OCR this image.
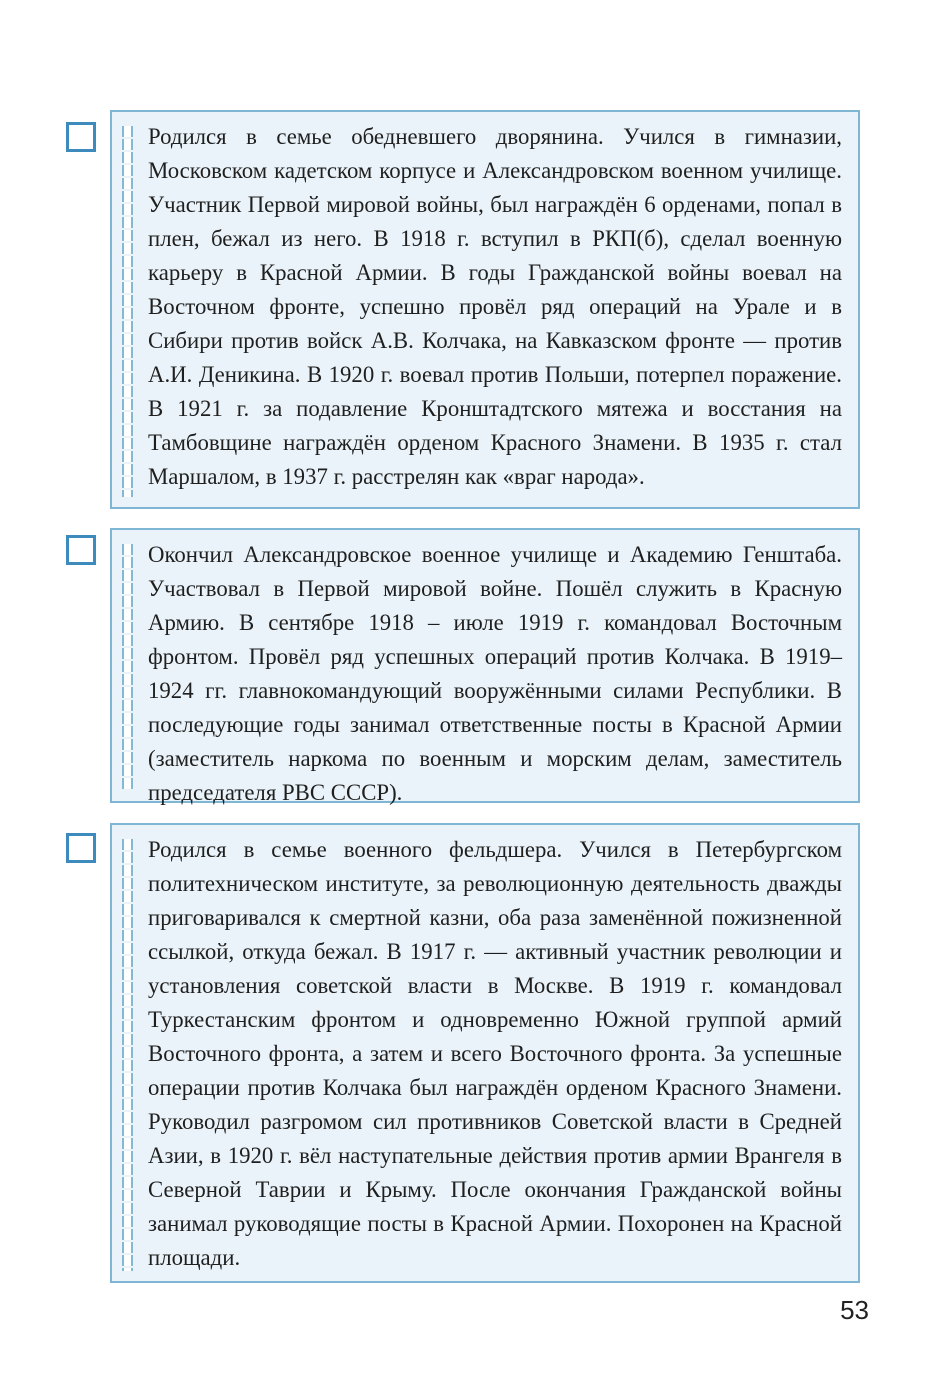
Родился в семье обедневшего дворянина. Учился в гимназии, Московском кадетском корпусе и Александровском военном училище. Участник Первой мировой войны, был награждён 6 орденами, попал в плен, бежал из него. В 1918 г. вступил в РКП(б), сделал военную карьеру в Красной Армии. В годы Гражданской войны воевал на Восточном фронте, успешно провёл ряд операций на Урале и в Сибири против войск А.В. Колчака, на Кавказском фронте — против А.И. Деникина. В 1920 г. воевал против Польши, потерпел поражение. В 1921 г. за подавление Кронштадтского мятежа и восстания на Тамбовщине награждён орденом Красного Знамени. В 1935 г. стал Маршалом, в 1937 г. расстрелян как «враг народа».

Окончил Александровское военное училище и Академию Генштаба. Участвовал в Первой мировой войне. Пошёл служить в Красную Армию. В сентябре 1918 – июле 1919 г. командовал Восточным фронтом. Провёл ряд успешных операций против Колчака. В 1919–1924 гг. главнокомандующий вооружёнными силами Республики. В последующие годы занимал ответственные посты в Красной Армии (заместитель наркома по военным и морским делам, заместитель председателя РВС СССР).

Родился в семье военного фельдшера. Учился в Петербургском политехническом институте, за революционную деятельность дважды приговаривался к смертной казни, оба раза заменённой пожизненной ссылкой, откуда бежал. В 1917 г. — активный участник революции и установления советской власти в Москве. В 1919 г. командовал Туркестанским фронтом и одновременно Южной группой армий Восточного фронта, а затем и всего Восточного фронта. За успешные операции против Колчака был награждён орденом Красного Знамени. Руководил разгромом сил противников Советской власти в Средней Азии, в 1920 г. вёл наступательные действия против армии Врангеля в Северной Таврии и Крыму. После окончания Гражданской войны занимал руководящие посты в Красной Армии. Похоронен на Красной площади.

53
